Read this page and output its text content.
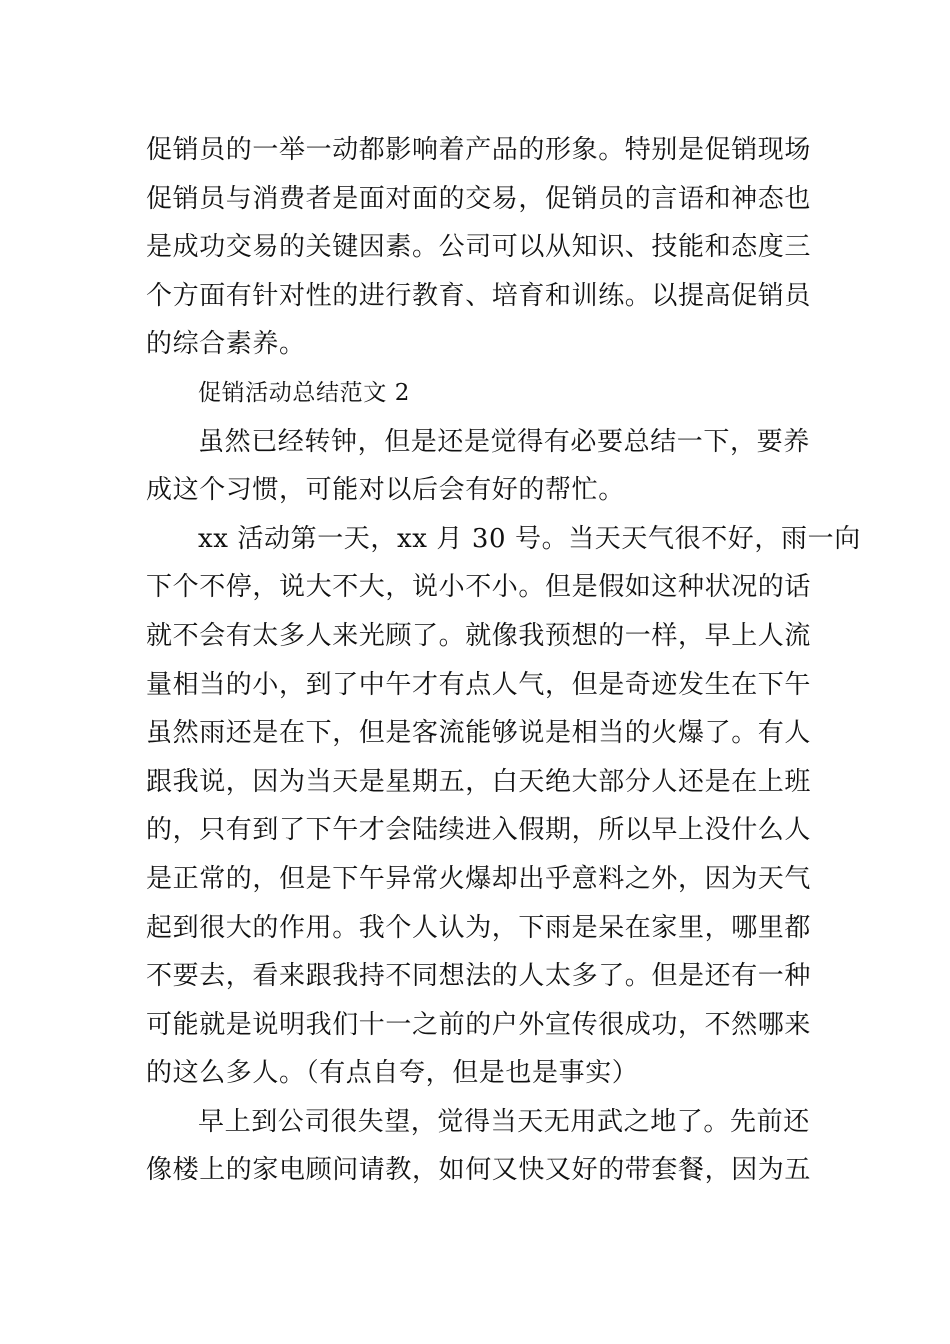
促销员的一举一动都影响着产品的形象。特别是促销现场
促销员与消费者是面对面的交易，促销员的言语和神态也
是成功交易的关键因素。公司可以从知识、技能和态度三
个方面有针对性的进行教育、培育和训练。以提高促销员
的综合素养。
促销活动总结范文 2
虽然已经转钟，但是还是觉得有必要总结一下，要养
成这个习惯，可能对以后会有好的帮忙。
xx 活动第一天，xx 月 30 号。当天天气很不好，雨一向
下个不停，说大不大，说小不小。但是假如这种状况的话
就不会有太多人来光顾了。就像我预想的一样，早上人流
量相当的小，到了中午才有点人气，但是奇迹发生在下午
虽然雨还是在下，但是客流能够说是相当的火爆了。有人
跟我说，因为当天是星期五，白天绝大部分人还是在上班
的，只有到了下午才会陆续进入假期，所以早上没什么人
是正常的，但是下午异常火爆却出乎意料之外，因为天气
起到很大的作用。我个人认为，下雨是呆在家里，哪里都
不要去，看来跟我持不同想法的人太多了。但是还有一种
可能就是说明我们十一之前的户外宣传很成功，不然哪来
的这么多人。（有点自夸，但是也是事实）
早上到公司很失望，觉得当天无用武之地了。先前还
像楼上的家电顾问请教，如何又快又好的带套餐，因为五
